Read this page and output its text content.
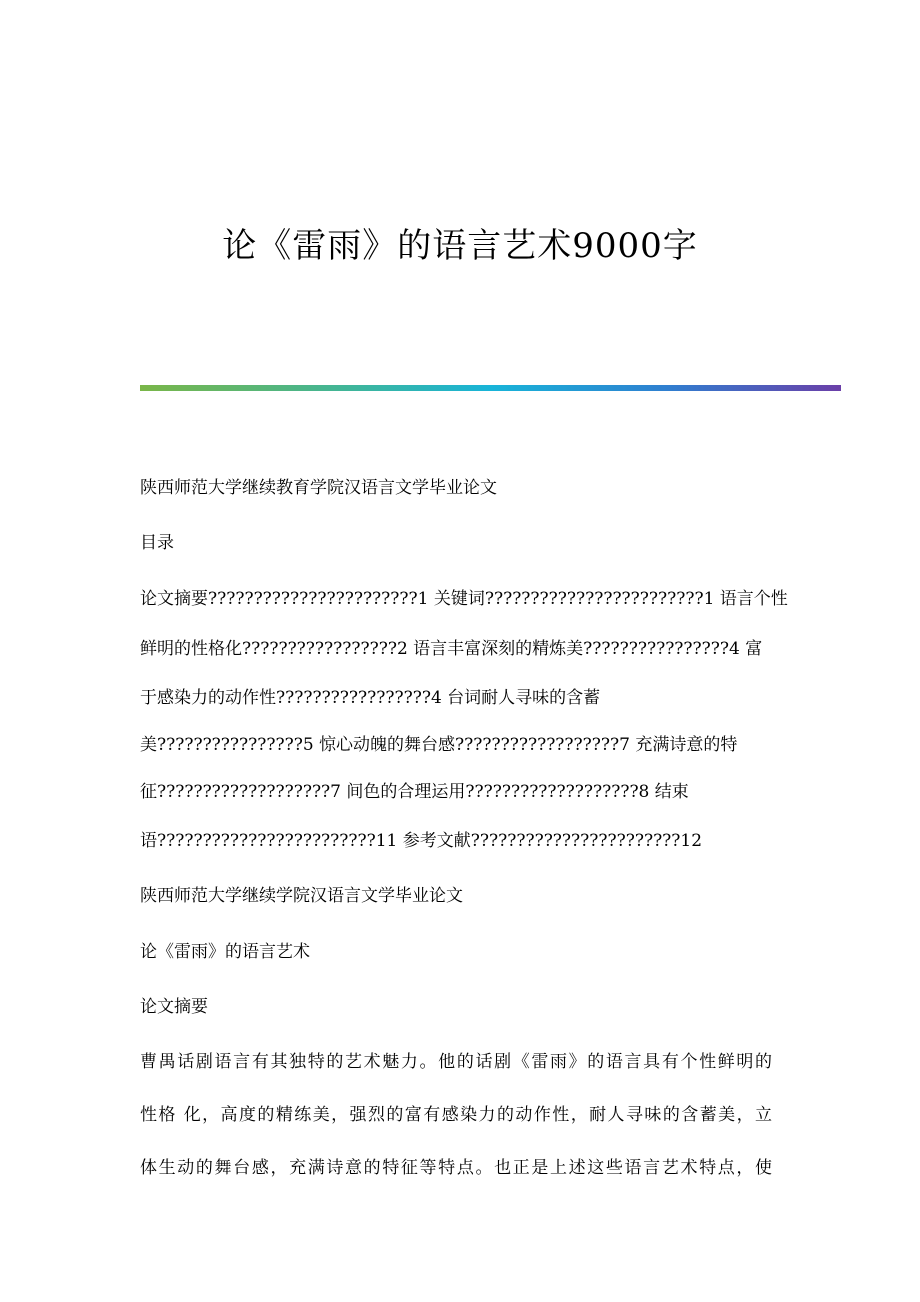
论《雷雨》的语言艺术9000字
陕西师范大学继续教育学院汉语言文学毕业论文
目录
论文摘要???????????????????????1 关键词????????????????????????1 语言个性
鲜明的性格化?????????????????2 语言丰富深刻的精炼美????????????????4 富
于感染力的动作性?????????????????4 台词耐人寻味的含蓄
美????????????????5 惊心动魄的舞台感??????????????????7 充满诗意的特
征???????????????????7 间色的合理运用???????????????????8 结束
语????????????????????????11 参考文献???????????????????????12
陕西师范大学继续学院汉语言文学毕业论文
论《雷雨》的语言艺术
论文摘要
曹禺话剧语言有其独特的艺术魅力。他的话剧《雷雨》的语言具有个性鲜明的
性格 化，高度的精练美，强烈的富有感染力的动作性，耐人寻味的含蓄美，立
体生动的舞台感，充满诗意的特征等特点。也正是上述这些语言艺术特点，使
